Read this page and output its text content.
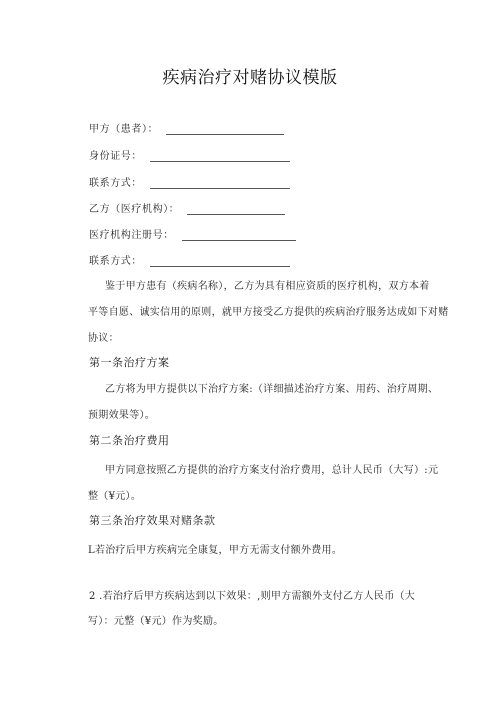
疾病治疗对赌协议模版
甲方（患者）：
身份证号：
联系方式：
乙方（医疗机构）：
医疗机构注册号：
联系方式：
鉴于甲方患有（疾病名称），乙方为具有相应资质的医疗机构，双方本着
平等自愿、诚实信用的原则，就甲方接受乙方提供的疾病治疗服务达成如下对赌
协议：
第一条治疗方案
乙方将为甲方提供以下治疗方案:（详细描述治疗方案、用药、治疗周期、
预期效果等）。
第二条治疗费用
甲方同意按照乙方提供的治疗方案支付治疗费用，总计人民币（大写）:元
整（¥元）。
第三条治疗效果对赌条款
L若治疗后甲方疾病完全康复，甲方无需支付额外费用。
2 .若治疗后甲方疾病达到以下效果：,则甲方需额外支付乙方人民币（大
写）：元整（¥元）作为奖励。
